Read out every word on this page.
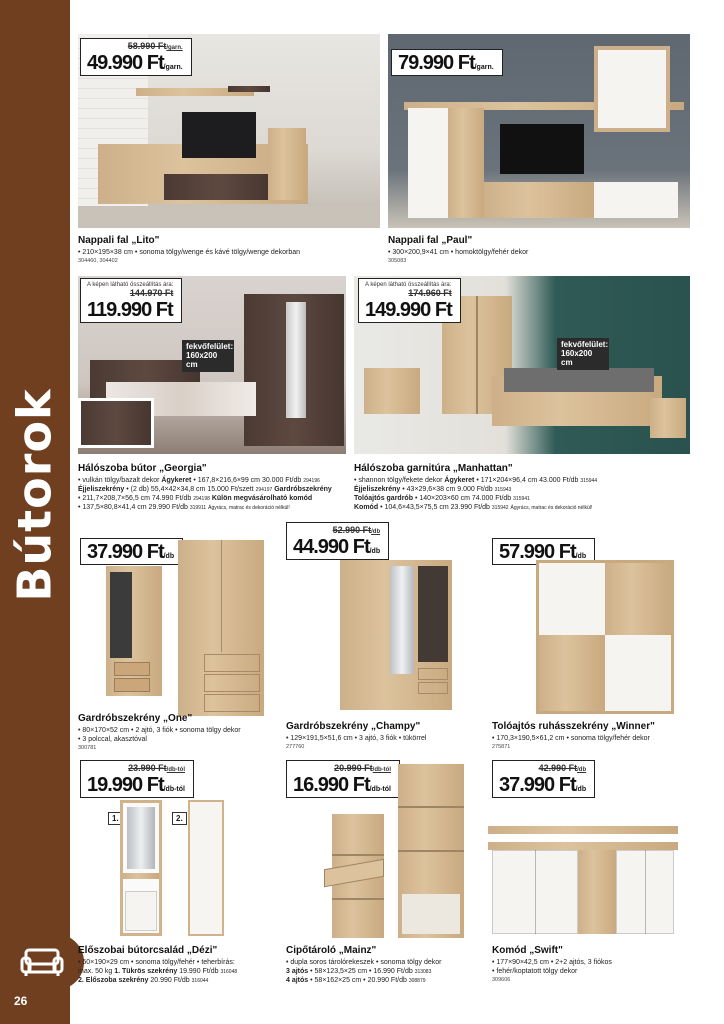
Bútorok
26
58.990 Ft/garn.
49.990 Ft/garn.
Nappali fal „Lito"
• 210×195×38 cm • sonoma tölgy/wenge és kávé tölgy/wenge dekorban
304460, 304402
79.990 Ft/garn.
Nappali fal „Paul"
• 300×200,9×41 cm • homoktölgy/fehér dekor
305083
A képen látható összeállítás ára:
144.970 Ft
119.990 Ft
fekvőfelület: 160x200 cm
Hálószoba bútor „Georgia"
• vulkán tölgy/bazalt dekor Ágykeret • 167,8×216,6×99 cm 30.000 Ft/db 294196
Éjjeliszekrény • (2 db) 55,4×42×34,8 cm 15.000 Ft/szett 294197 Gardróbszekrény
• 211,7×208,7×56,5 cm 74.990 Ft/db 294198 Külön megvásárolható komód
• 137,5×80,8×41,4 cm 29.990 Ft/db 319911 Ágyrács, matrac és dekoráció nélkül!
A képen látható összeállítás ára:
174.960 Ft
149.990 Ft
fekvőfelület: 160x200 cm
Hálószoba garnitúra „Manhattan"
• shannon tölgy/fekete dekor Ágykeret • 171×204×96,4 cm 43.000 Ft/db 315944
Éjjeliszekrény • 43×29,6×38 cm 9.000 Ft/db 315943
Tolóajtós gardrób • 140×203×60 cm 74.000 Ft/db 315941
Komód • 104,6×43,5×75,5 cm 23.990 Ft/db 315942 Ágyrács, matrac és dekoráció nélkül!
37.990 Ft/db
Gardróbszekrény „One"
• 80×170×52 cm • 2 ajtó, 3 fiók • sonoma tölgy dekor
• 3 polccal, akasztóval
300781
52.990 Ft/db
44.990 Ft/db
Gardróbszekrény „Champy"
• 129×191,5×51,6 cm • 3 ajtó, 3 fiók • tükörrel
277760
57.990 Ft/db
Tolóajtós ruhásszekrény „Winner"
• 170,3×190,5×61,2 cm • sonoma tölgy/fehér dekor
275871
23.990 Ft/db-tól
19.990 Ft/db-tól
1.	2.
Előszobai bútorcsalád „Dézi"
• 50×190×29 cm • sonoma tölgy/fehér • teherbírás:
max. 50 kg 1. Tükrös szekrény 19.990 Ft/db 316048
2. Előszoba szekrény 20.990 Ft/db 316044
20.990 Ft/db-tól
16.990 Ft/db-tól
Cipőtároló „Mainz"
• dupla soros tárolórekeszek • sonoma tölgy dekor
3 ajtós • 58×123,5×25 cm • 16.990 Ft/db 313083
4 ajtós • 58×162×25 cm • 20.990 Ft/db 308879
42.990 Ft/db
37.990 Ft/db
Komód „Swift"
• 177×90×42,5 cm • 2+2 ajtós, 3 fiókos
• fehér/koptatott tölgy dekor
309606
